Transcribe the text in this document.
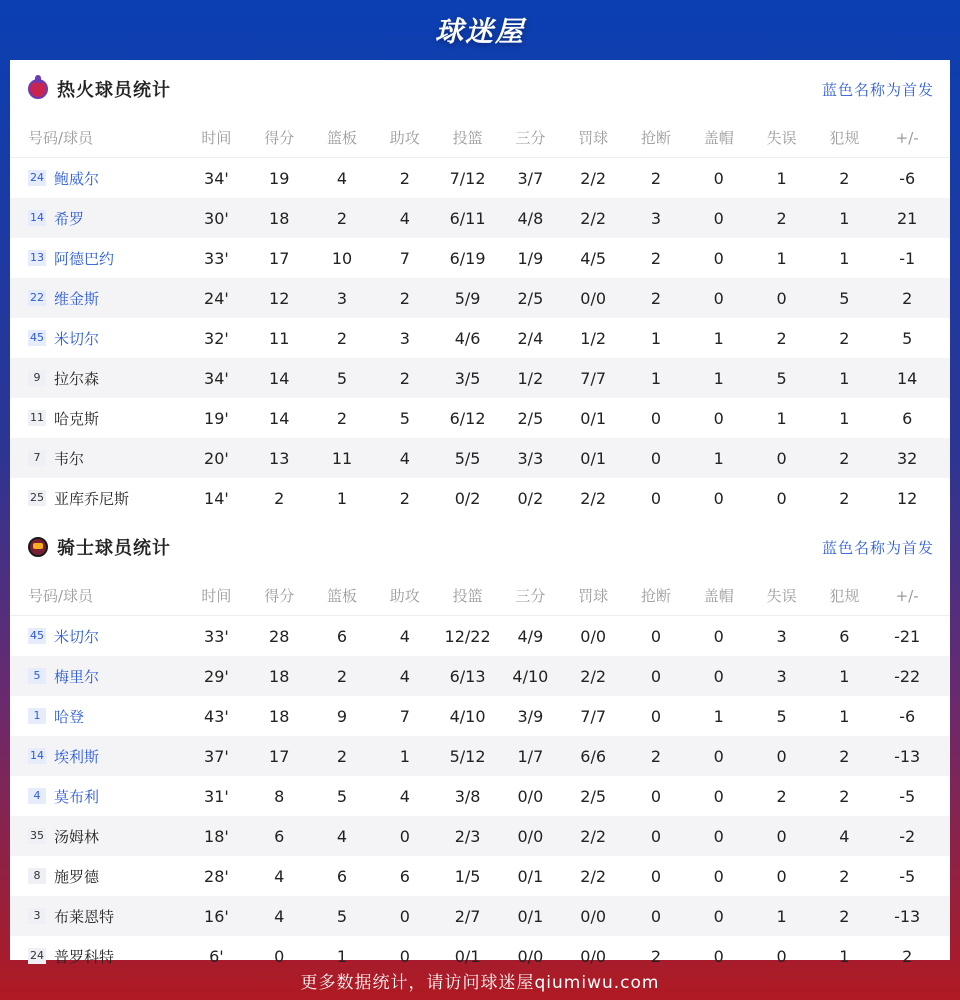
球迷屋
热火球员统计	蓝色名称为首发
号码/球员	时间	得分	篮板	助攻	投篮	三分	罚球	抢断	盖帽	失误	犯规	+/-
24 鲍威尔	34'	19	4	2	7/12	3/7	2/2	2	0	1	2	-6
14 希罗	30'	18	2	4	6/11	4/8	2/2	3	0	2	1	21
13 阿德巴约	33'	17	10	7	6/19	1/9	4/5	2	0	1	1	-1
22 维金斯	24'	12	3	2	5/9	2/5	0/0	2	0	0	5	2
45 米切尔	32'	11	2	3	4/6	2/4	1/2	1	1	2	2	5
9 拉尔森	34'	14	5	2	3/5	1/2	7/7	1	1	5	1	14
11 哈克斯	19'	14	2	5	6/12	2/5	0/1	0	0	1	1	6
7 韦尔	20'	13	11	4	5/5	3/3	0/1	0	1	0	2	32
25 亚库乔尼斯	14'	2	1	2	0/2	0/2	2/2	0	0	0	2	12
骑士球员统计	蓝色名称为首发
号码/球员	时间	得分	篮板	助攻	投篮	三分	罚球	抢断	盖帽	失误	犯规	+/-
45 米切尔	33'	28	6	4	12/22	4/9	0/0	0	0	3	6	-21
5 梅里尔	29'	18	2	4	6/13	4/10	2/2	0	0	3	1	-22
1 哈登	43'	18	9	7	4/10	3/9	7/7	0	1	5	1	-6
14 埃利斯	37'	17	2	1	5/12	1/7	6/6	2	0	0	2	-13
4 莫布利	31'	8	5	4	3/8	0/0	2/5	0	0	2	2	-5
35 汤姆林	18'	6	4	0	2/3	0/0	2/2	0	0	0	4	-2
8 施罗德	28'	4	6	6	1/5	0/1	2/2	0	0	0	2	-5
3 布莱恩特	16'	4	5	0	2/7	0/1	0/0	0	0	1	2	-13
24 普罗科特	6'	0	1	0	0/1	0/0	0/0	2	0	0	1	2
更多数据统计，请访问球迷屋qiumiwu.com
